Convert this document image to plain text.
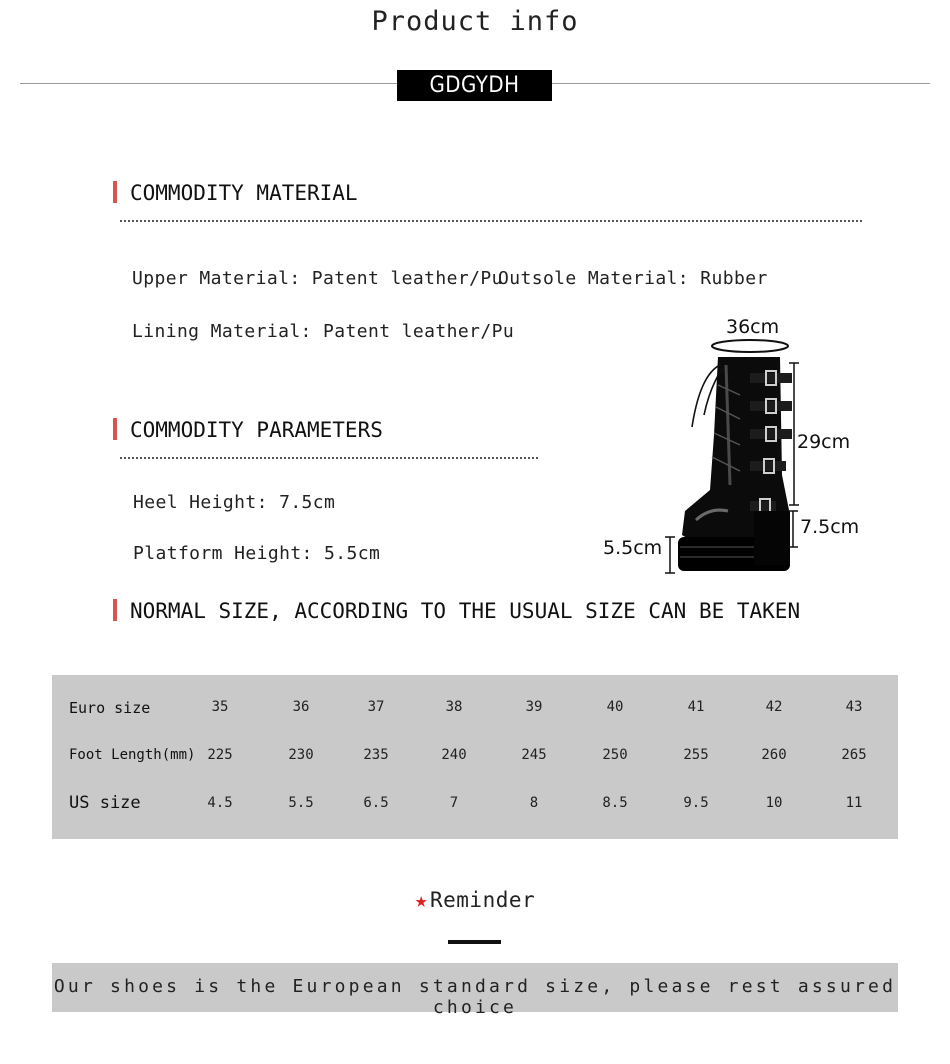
Product info
GDGYDH
COMMODITY MATERIAL
Upper Material: Patent leather/Pu
Outsole Material: Rubber
Lining Material: Patent leather/Pu
COMMODITY PARAMETERS
Heel Height: 7.5cm
Platform Height: 5.5cm
36cm
29cm
7.5cm
5.5cm
NORMAL SIZE, ACCORDING TO THE USUAL SIZE CAN BE TAKEN
Euro size	35	36	37	38	39	40	41	42	43
Foot Length(mm) 225	230	235	240	245	250	255	260	265
US size	4.5	5.5	6.5	7	8	8.5	9.5	10	11
★Reminder
Our shoes is the European standard size, please rest assured choice
